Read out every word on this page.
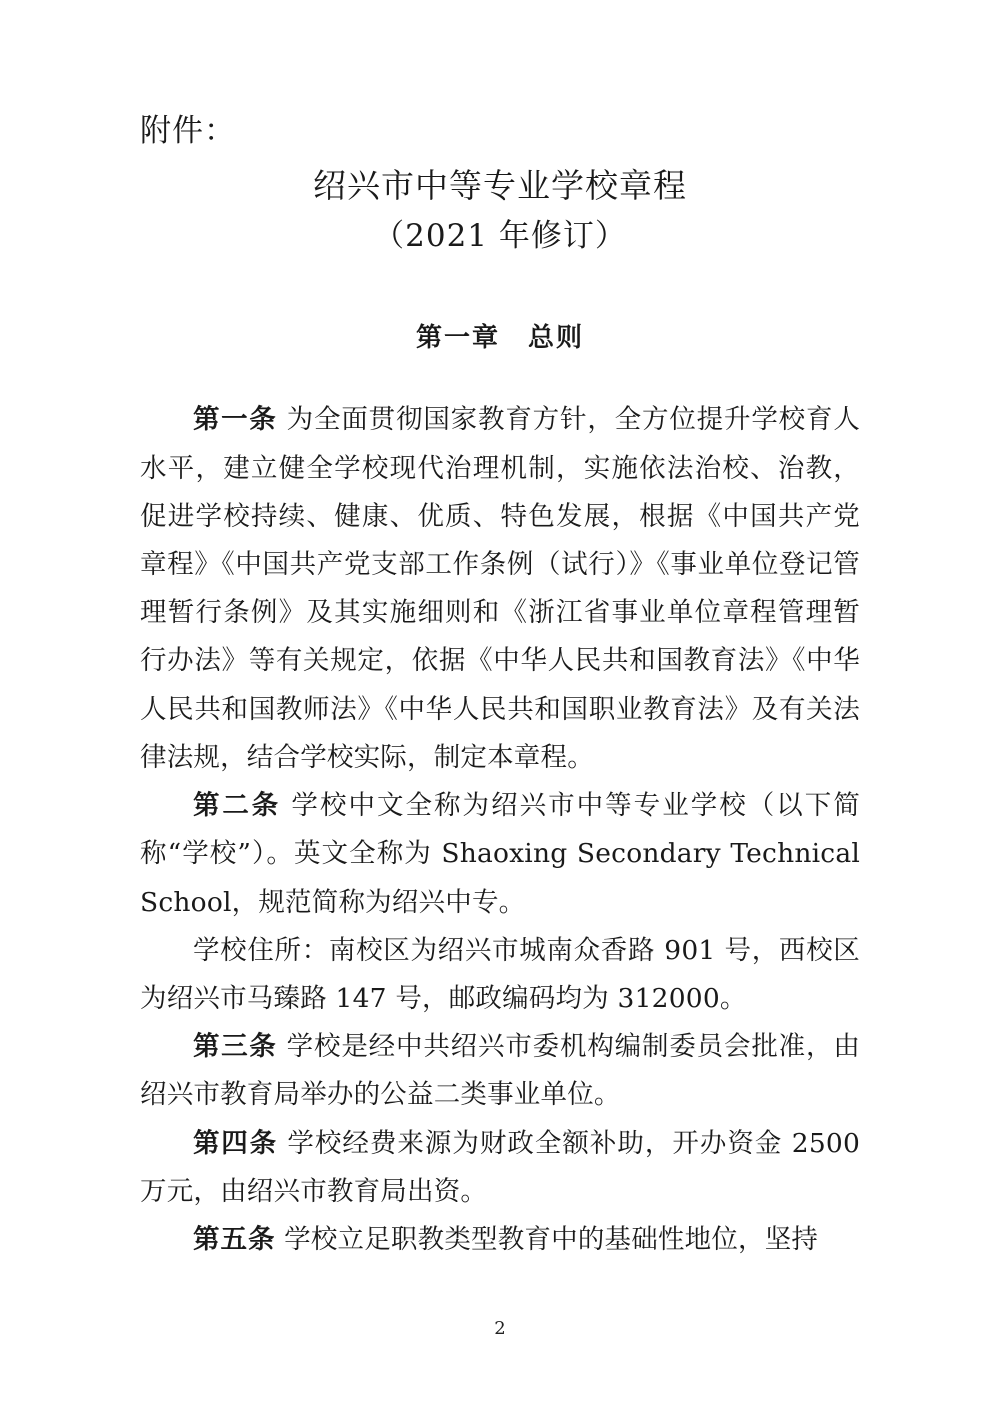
附件：
绍兴市中等专业学校章程
（2021 年修订）
第一章　总则

第一条 为全面贯彻国家教育方针，全方位提升学校育人水平，建立健全学校现代治理机制，实施依法治校、治教，促进学校持续、健康、优质、特色发展，根据《中国共产党章程》《中国共产党支部工作条例（试行）》《事业单位登记管理暂行条例》及其实施细则和《浙江省事业单位章程管理暂行办法》等有关规定，依据《中华人民共和国教育法》《中华人民共和国教师法》《中华人民共和国职业教育法》及有关法律法规，结合学校实际，制定本章程。

第二条 学校中文全称为绍兴市中等专业学校（以下简称“学校”）。英文全称为 Shaoxing Secondary Technical School，规范简称为绍兴中专。

学校住所：南校区为绍兴市城南众香路 901 号，西校区为绍兴市马臻路 147 号，邮政编码均为 312000。

第三条 学校是经中共绍兴市委机构编制委员会批准，由绍兴市教育局举办的公益二类事业单位。

第四条 学校经费来源为财政全额补助，开办资金 2500 万元，由绍兴市教育局出资。

第五条 学校立足职教类型教育中的基础性地位，坚持

2
